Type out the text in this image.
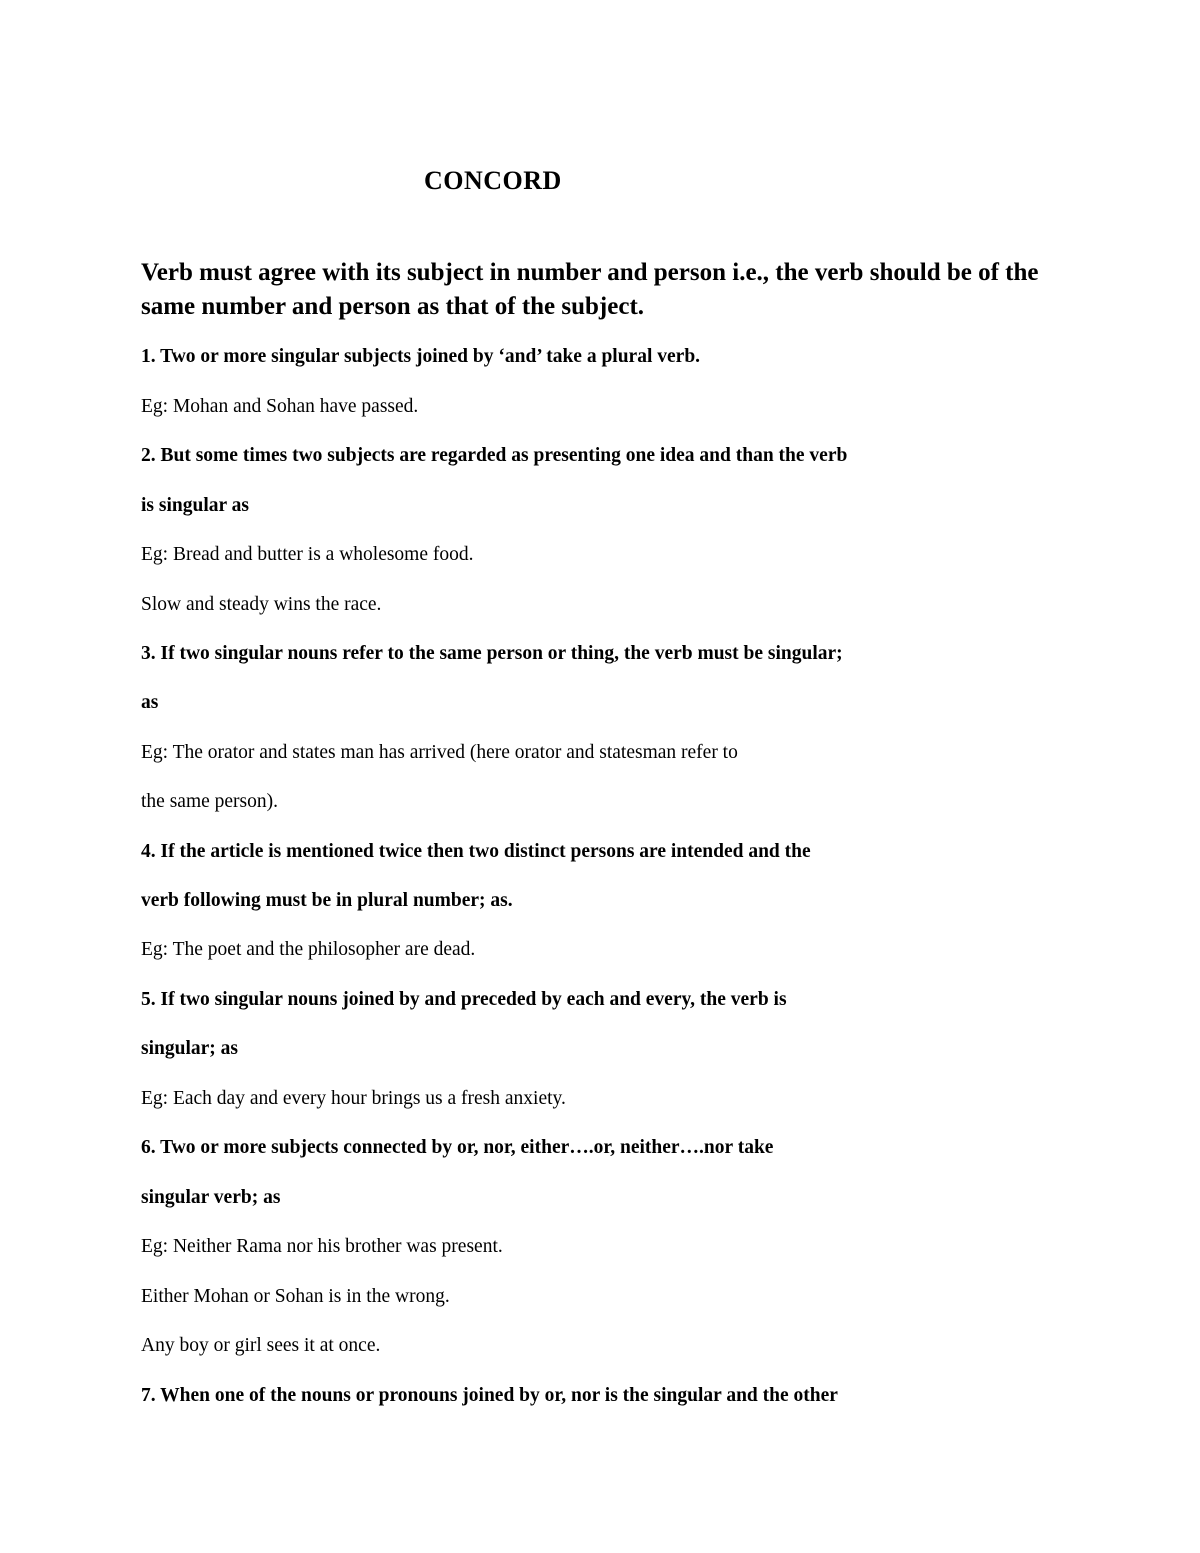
CONCORD
Verb must agree with its subject in number and person i.e., the verb should be of the same number and person as that of the subject.
1. Two or more singular subjects joined by ‘and’ take a plural verb.
Eg: Mohan and Sohan have passed.
2. But some times two subjects are regarded as presenting one idea and than the verb
is singular as
Eg: Bread and butter is a wholesome food.
Slow and steady wins the race.
3. If two singular nouns refer to the same person or thing, the verb must be singular;
as
Eg: The orator and states man has arrived (here orator and statesman refer to
the same person).
4. If the article is mentioned twice then two distinct persons are intended and the
verb following must be in plural number; as.
Eg: The poet and the philosopher are dead.
5. If two singular nouns joined by and preceded by each and every, the verb is
singular; as
Eg: Each day and every hour brings us a fresh anxiety.
6. Two or more subjects connected by or, nor, either….or, neither….nor take
singular verb; as
Eg: Neither Rama nor his brother was present.
Either Mohan or Sohan is in the wrong.
Any boy or girl sees it at once.
7. When one of the nouns or pronouns joined by or, nor is the singular and the other
